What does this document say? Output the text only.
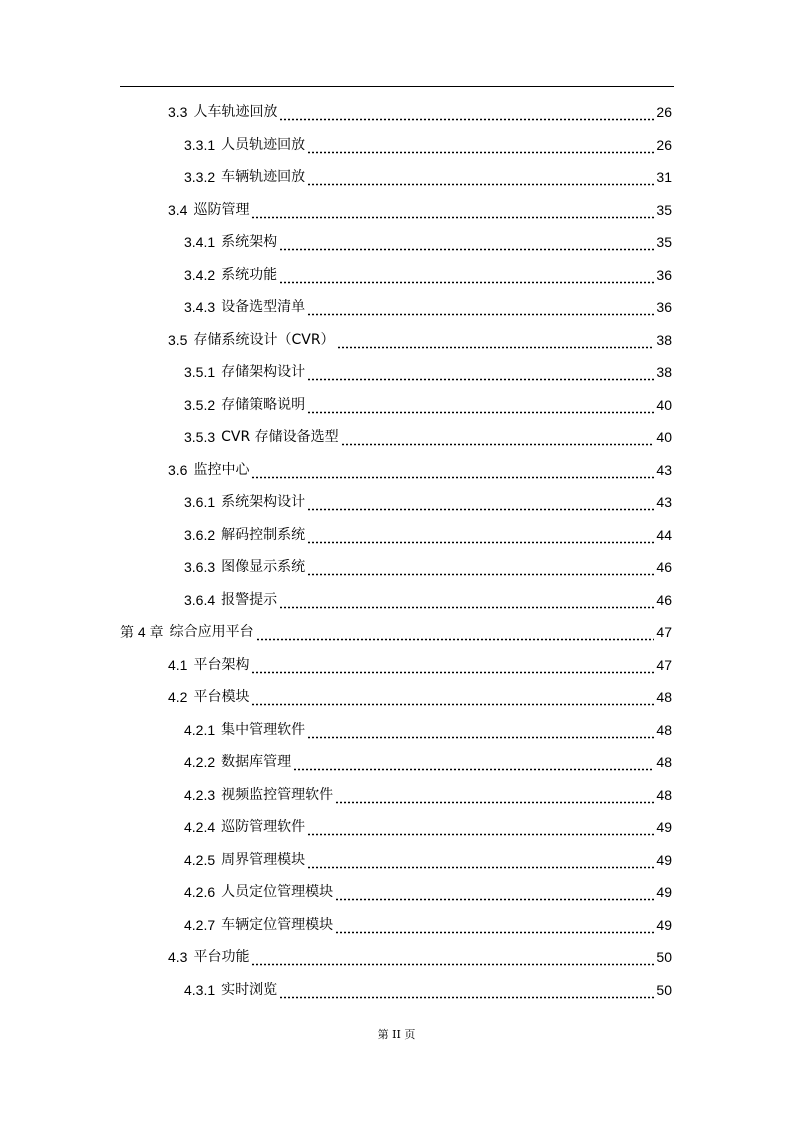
3.3 人车轨迹回放	26
3.3.1 人员轨迹回放	26
3.3.2 车辆轨迹回放	31
3.4 巡防管理	35
3.4.1 系统架构	35
3.4.2 系统功能	36
3.4.3 设备选型清单	36
3.5 存储系统设计（CVR）	38
3.5.1 存储架构设计	38
3.5.2 存储策略说明	40
3.5.3 CVR 存储设备选型	40
3.6 监控中心	43
3.6.1 系统架构设计	43
3.6.2 解码控制系统	44
3.6.3 图像显示系统	46
3.6.4 报警提示	46
第 4 章 综合应用平台	47
4.1 平台架构	47
4.2 平台模块	48
4.2.1 集中管理软件	48
4.2.2 数据库管理	48
4.2.3 视频监控管理软件	48
4.2.4 巡防管理软件	49
4.2.5 周界管理模块	49
4.2.6 人员定位管理模块	49
4.2.7 车辆定位管理模块	49
4.3 平台功能	50
4.3.1 实时浏览	50
第 II 页
